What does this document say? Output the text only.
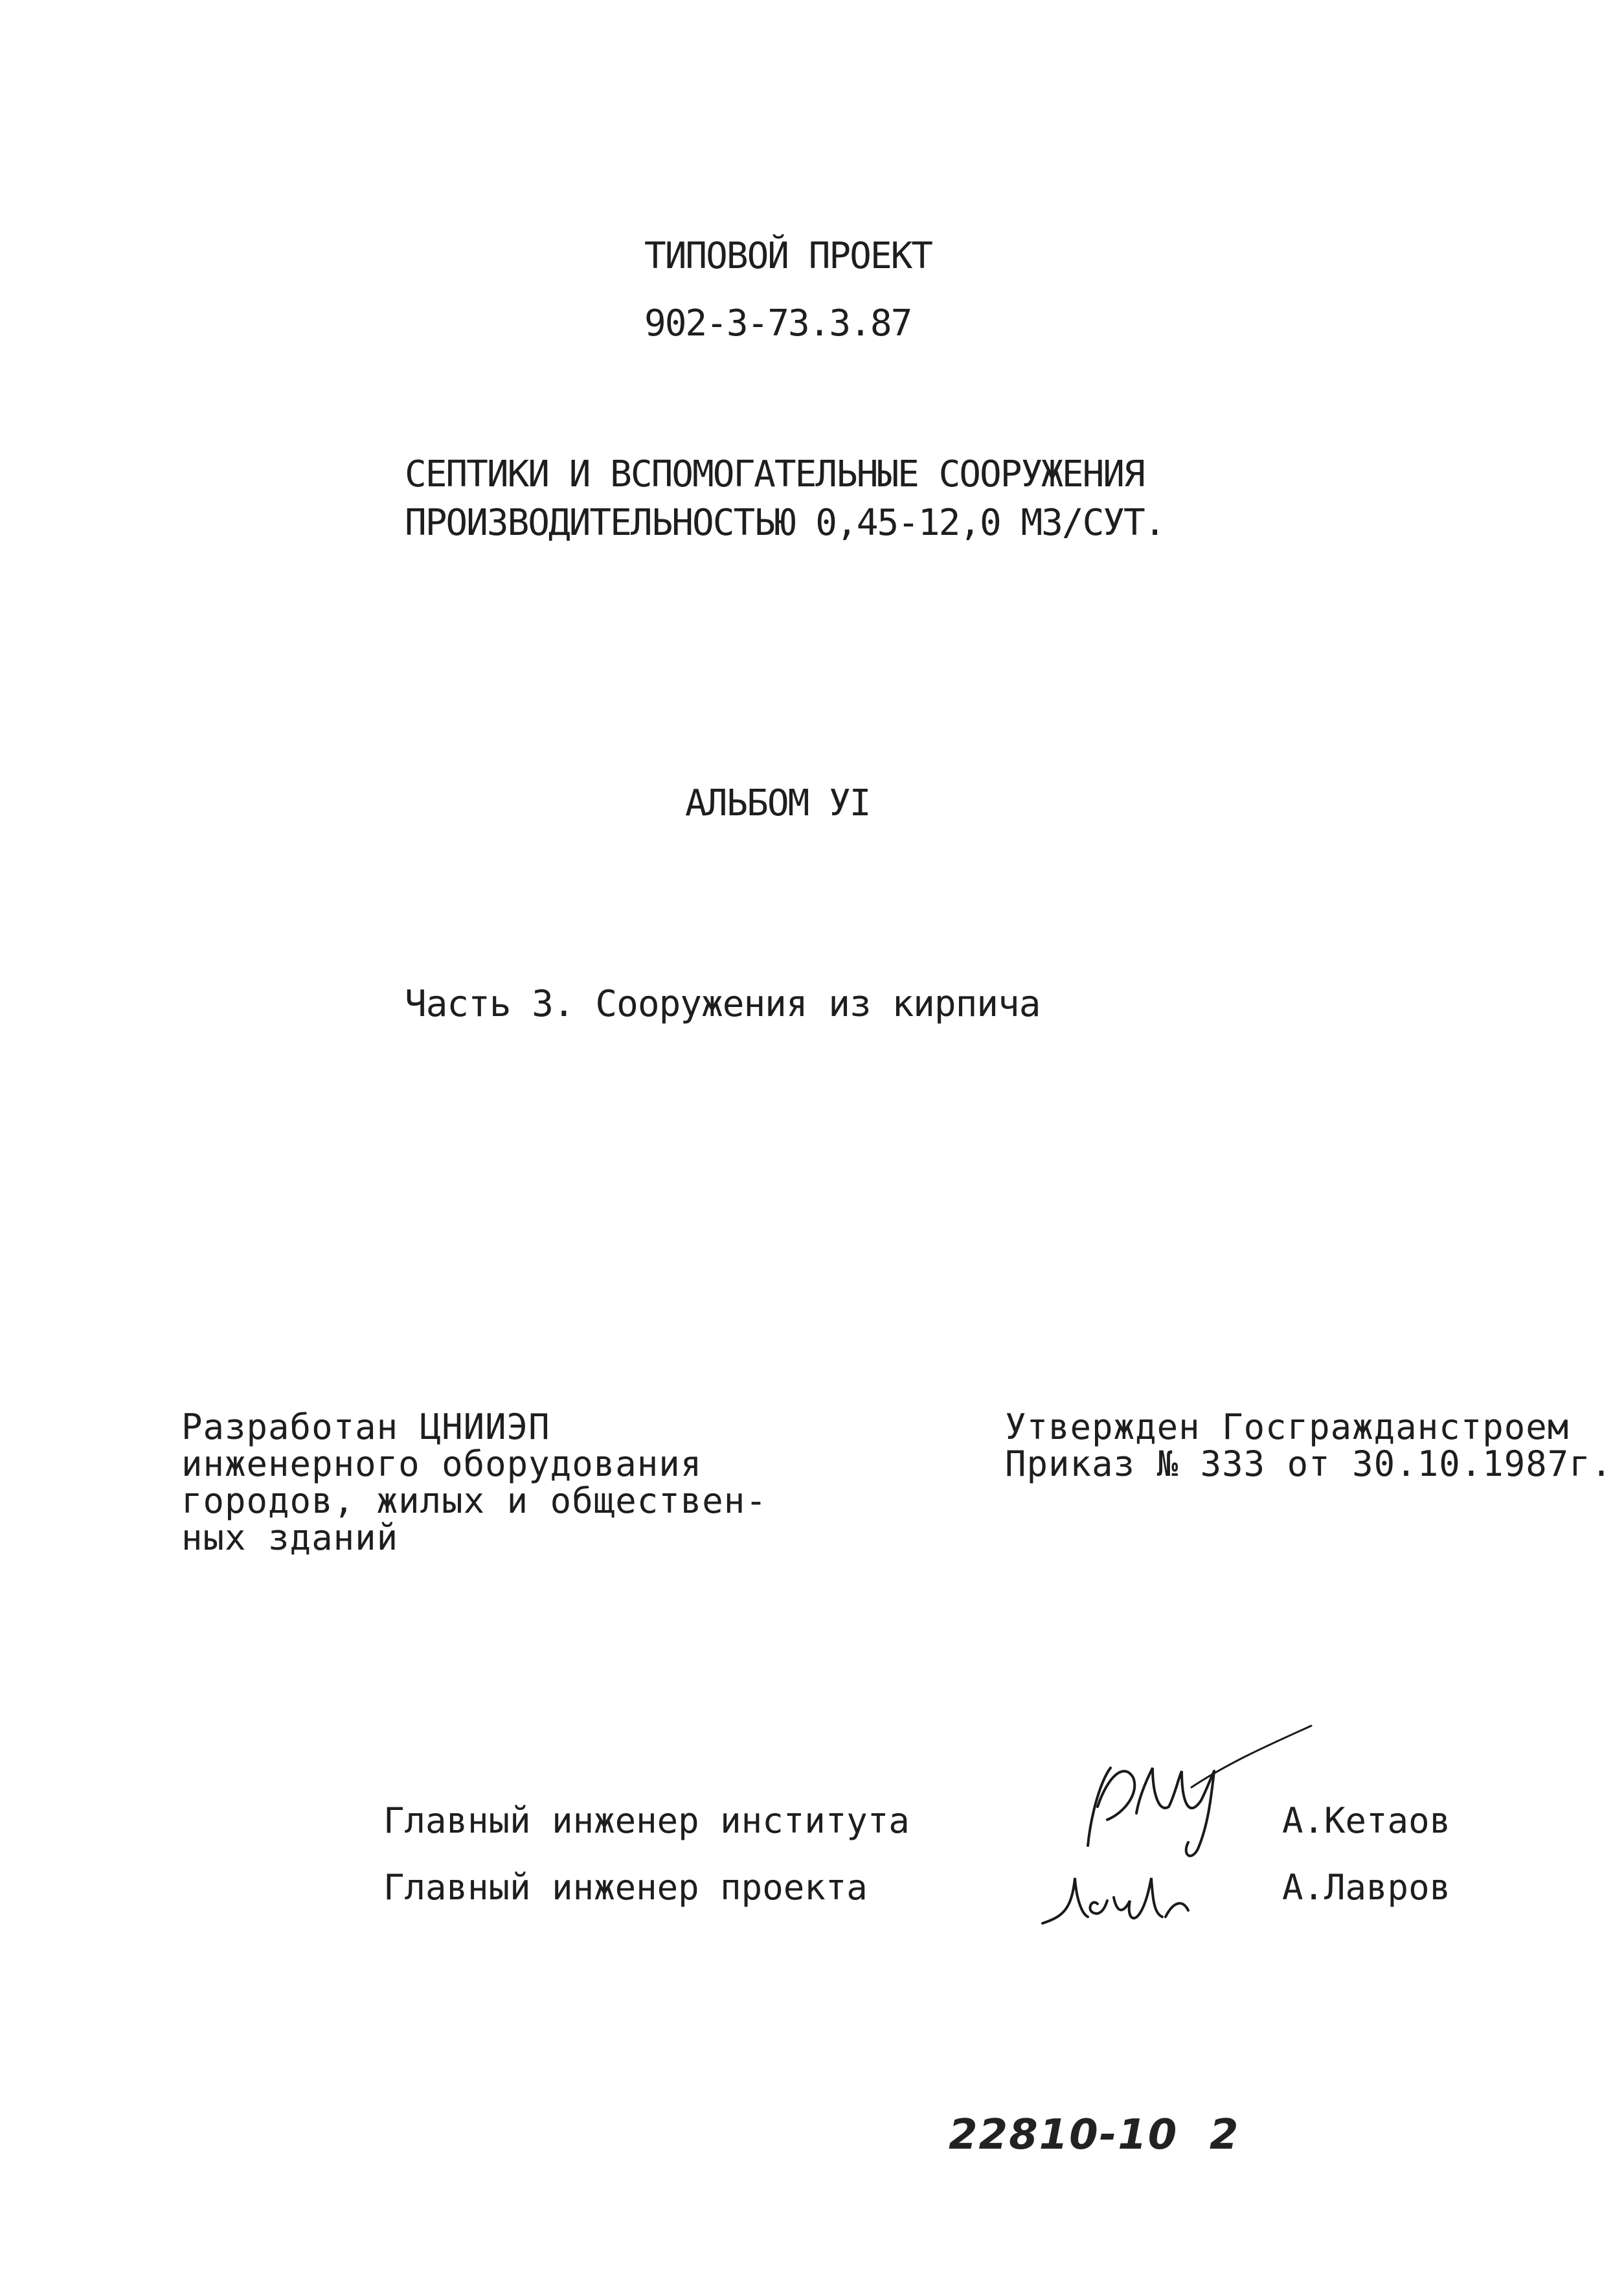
ТИПОВОЙ ПРОЕКТ
902-3-73.3.87
СЕПТИКИ И ВСПОМОГАТЕЛЬНЫЕ СООРУЖЕНИЯ
ПРОИЗВОДИТЕЛЬНОСТЬЮ 0,45-12,0 М3/СУТ.
АЛЬБОМ УI
Часть 3. Сооружения из кирпича
Разработан ЦНИИЭП
инженерного оборудования
городов, жилых и обществен-
ных зданий
Утвержден Госгражданстроем
Приказ № 333 от 30.10.1987г.
Главный инженер института	А.Кетаов
Главный инженер проекта	А.Лавров
22810-10  2
